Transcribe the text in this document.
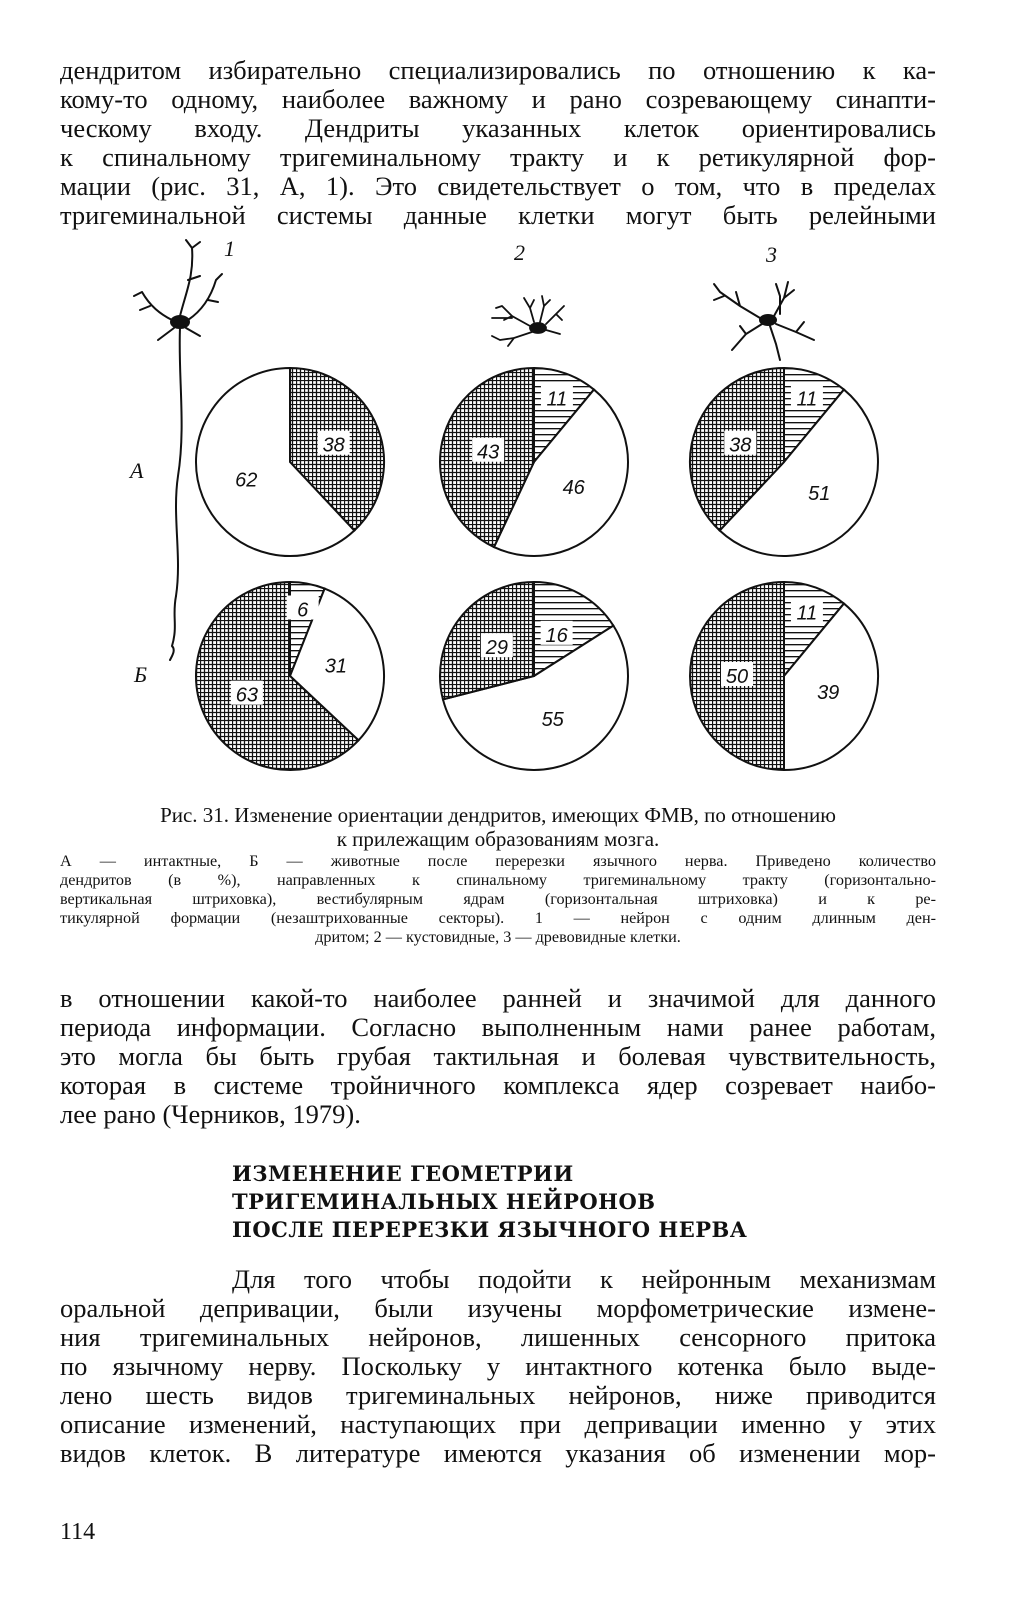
дендритом избирательно специализировались по отношению к ка-
кому-то одному, наиболее важному и рано созревающему синапти-
ческому входу. Дендриты указанных клеток ориентировались
к спинальному тригеминальному тракту и к ретикулярной фор-
мации (рис. 31, А, 1). Это свидетельствует о том, что в пределах
тригеминальной системы данные клетки могут быть релейными
38
62
11
46
43
11
51
38
6
31
63
16
55
29
11
39
50
1	2	3
А
Б
Рис. 31. Изменение ориентации дендритов, имеющих ФМВ, по отношению
к прилежащим образованиям мозга.
А — интактные, Б — животные после перерезки язычного нерва. Приведено количество
дендритов (в %), направленных к спинальному тригеминальному тракту (горизонтально-
вертикальная штриховка), вестибулярным ядрам (горизонтальная штриховка) и к ре-
тикулярной формации (незаштрихованные секторы). 1 — нейрон с одним длинным ден-
дритом; 2 — кустовидные, 3 — древовидные клетки.
в отношении какой-то наиболее ранней и значимой для данного
периода информации. Согласно выполненным нами ранее работам,
это могла бы быть грубая тактильная и болевая чувствительность,
которая в системе тройничного комплекса ядер созревает наибо-
лее рано (Черников, 1979).
ИЗМЕНЕНИЕ ГЕОМЕТРИИ
ТРИГЕМИНАЛЬНЫХ НЕЙРОНОВ
ПОСЛЕ ПЕРЕРЕЗКИ ЯЗЫЧНОГО НЕРВА
Для того чтобы подойти к нейронным механизмам
оральной депривации, были изучены морфометрические измене-
ния тригеминальных нейронов, лишенных сенсорного притока
по язычному нерву. Поскольку у интактного котенка было выде-
лено шесть видов тригеминальных нейронов, ниже приводится
описание изменений, наступающих при депривации именно у этих
видов клеток. В литературе имеются указания об изменении мор-
114
